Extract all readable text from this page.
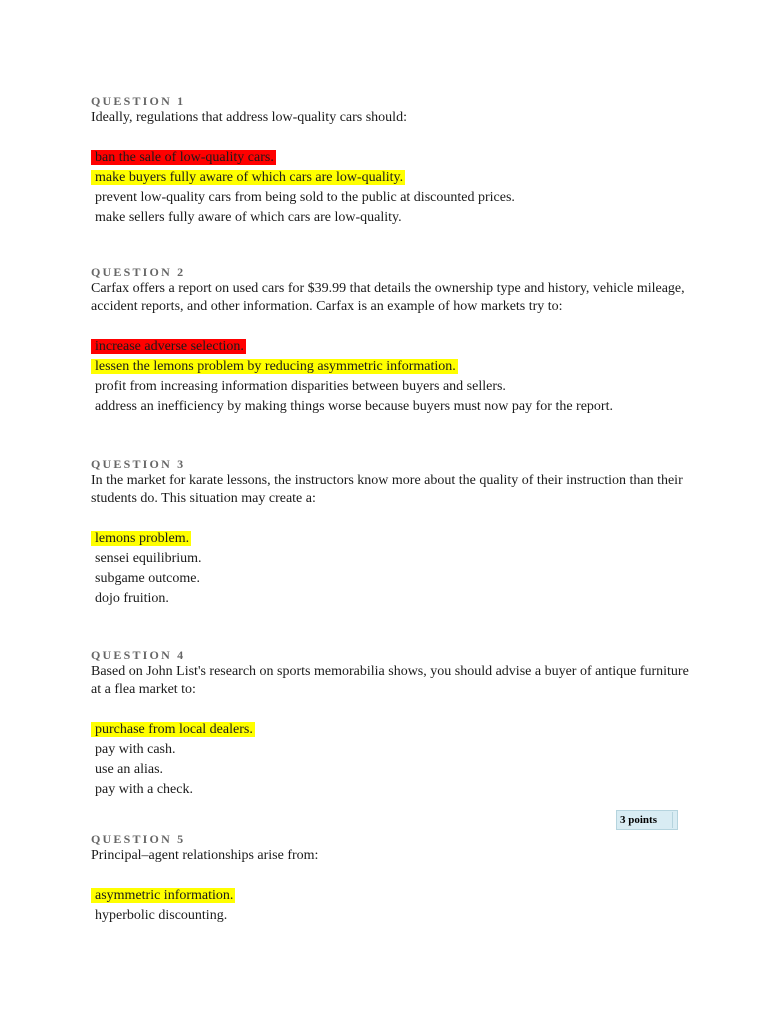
QUESTION 1
Ideally, regulations that address low-quality cars should:
ban the sale of low-quality cars.
make buyers fully aware of which cars are low-quality.
prevent low-quality cars from being sold to the public at discounted prices.
make sellers fully aware of which cars are low-quality.
QUESTION 2
Carfax offers a report on used cars for $39.99 that details the ownership type and history, vehicle mileage, accident reports, and other information. Carfax is an example of how markets try to:
increase adverse selection.
lessen the lemons problem by reducing asymmetric information.
profit from increasing information disparities between buyers and sellers.
address an inefficiency by making things worse because buyers must now pay for the report.
QUESTION 3
In the market for karate lessons, the instructors know more about the quality of their instruction than their students do. This situation may create a:
lemons problem.
sensei equilibrium.
subgame outcome.
dojo fruition.
QUESTION 4
Based on John List's research on sports memorabilia shows, you should advise a buyer of antique furniture at a flea market to:
purchase from local dealers.
pay with cash.
use an alias.
pay with a check.
3 points
QUESTION 5
Principal–agent relationships arise from:
asymmetric information.
hyperbolic discounting.
